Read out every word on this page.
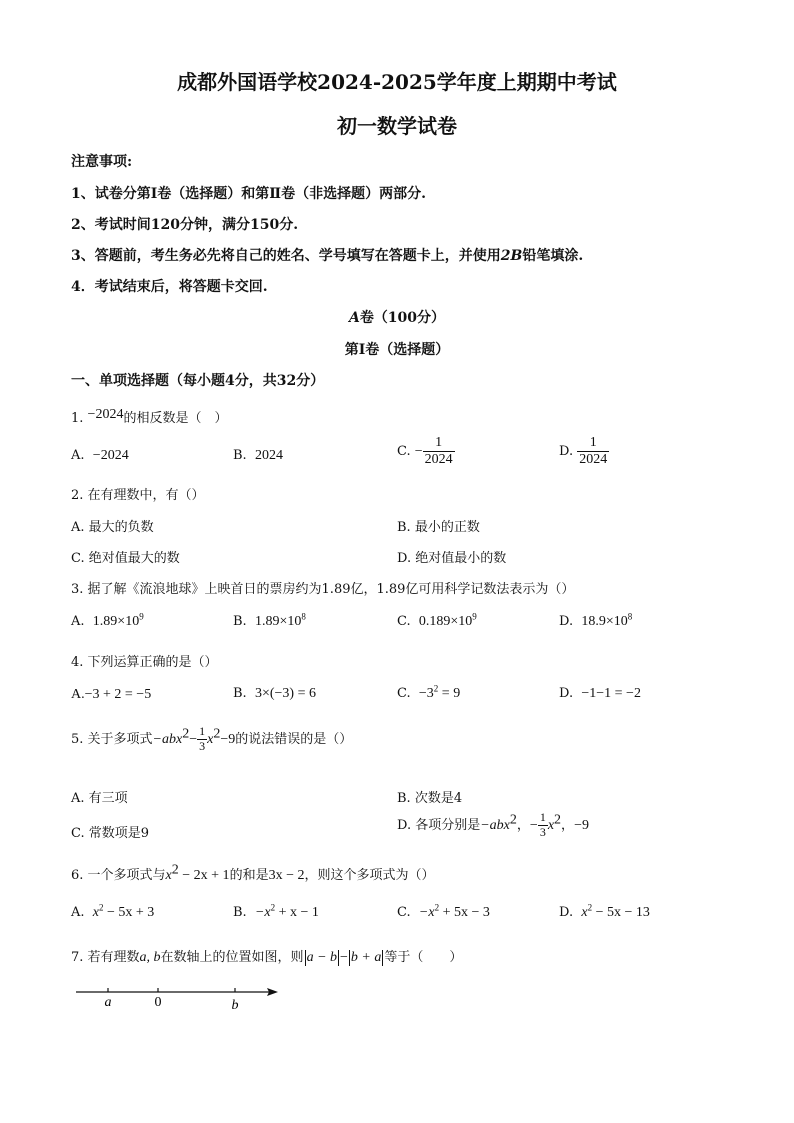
成都外国语学校2024-2025学年度上期期中考试
初一数学试卷
注意事项:
1、试卷分第Ⅰ卷（选择题）和第Ⅱ卷（非选择题）两部分.
2、考试时间120分钟，满分150分.
3、答题前，考生务必先将自己的姓名、学号填写在答题卡上，并使用2B铅笔填涂.
4．考试结束后，将答题卡交回.
A卷（100分）
第Ⅰ卷（选择题）
一、单项选择题（每小题4分，共32分）
1. −2024的相反数是（　）
A. −2024	B. 2024	C. − $\frac{1}{2024}$	D. $\frac{1}{2024}$
2. 在有理数中，有（）
A. 最大的负数	B. 最小的正数
C. 绝对值最大的数	D. 绝对值最小的数
3. 据了解《流浪地球》上映首日的票房约为1.89亿，1.89亿可用科学记数法表示为（）
A. $1.89\times 10^9$	B. $1.89\times 10^8$	C. $0.189\times 10^9$	D. $18.9\times 10^8$
4. 下列运算正确的是（）
A.−3 + 2 = −5	B. 3×(−3) = 6	C. $-3^2 = 9$	D. −1−1 = −2
5. 关于多项式$-abx^2- \frac{1}{3} x^2-9$的说法错误的是（）
A. 有三项	B. 次数是4
C. 常数项是9
D. 各项分别是−abx$^2$，− $\frac{1}{3} x^2$，−9
6. 一个多项式与$x^2 - 2x + 1$的和是3x − 2，则这个多项式为（）
A. $x^2 - 5x + 3$	B. $-x^2 + x - 1$	C. $-x^2 + 5x - 3$	D. $x^2 - 5x - 13$
7. 若有理数a, b在数轴上的位置如图，则 a − b − b + a 等于（　　）
a	0	b
